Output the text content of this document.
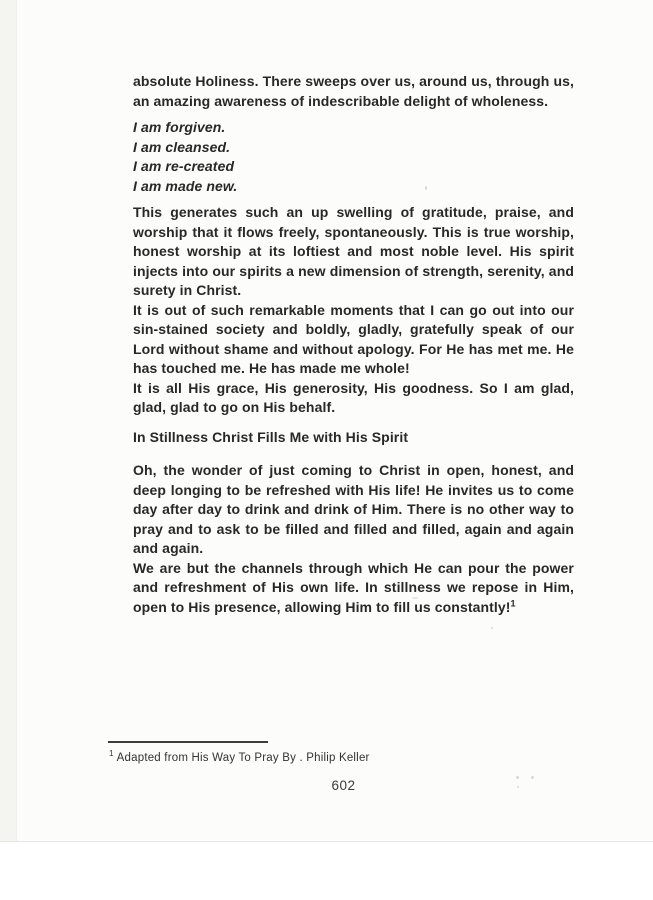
absolute Holiness. There sweeps over us, around us, through us, an amazing awareness of indescribable delight of wholeness.

I am forgiven.
I am cleansed.
I am re-created
I am made new.

This generates such an up swelling of gratitude, praise, and worship that it flows freely, spontaneously. This is true worship, honest worship at its loftiest and most noble level. His spirit injects into our spirits a new dimension of strength, serenity, and surety in Christ.

It is out of such remarkable moments that I can go out into our sin-stained society and boldly, gladly, gratefully speak of our Lord without shame and without apology. For He has met me. He has touched me. He has made me whole!

It is all His grace, His generosity, His goodness. So I am glad, glad, glad to go on His behalf.

In Stillness Christ Fills Me with His Spirit

Oh, the wonder of just coming to Christ in open, honest, and deep longing to be refreshed with His life! He invites us to come day after day to drink and drink of Him. There is no other way to pray and to ask to be filled and filled and filled, again and again and again.

We are but the channels through which He can pour the power and refreshment of His own life. In stillness we repose in Him, open to His presence, allowing Him to fill us constantly!$^1$

$^1$ Adapted from His Way To Pray By . Philip Keller
602
